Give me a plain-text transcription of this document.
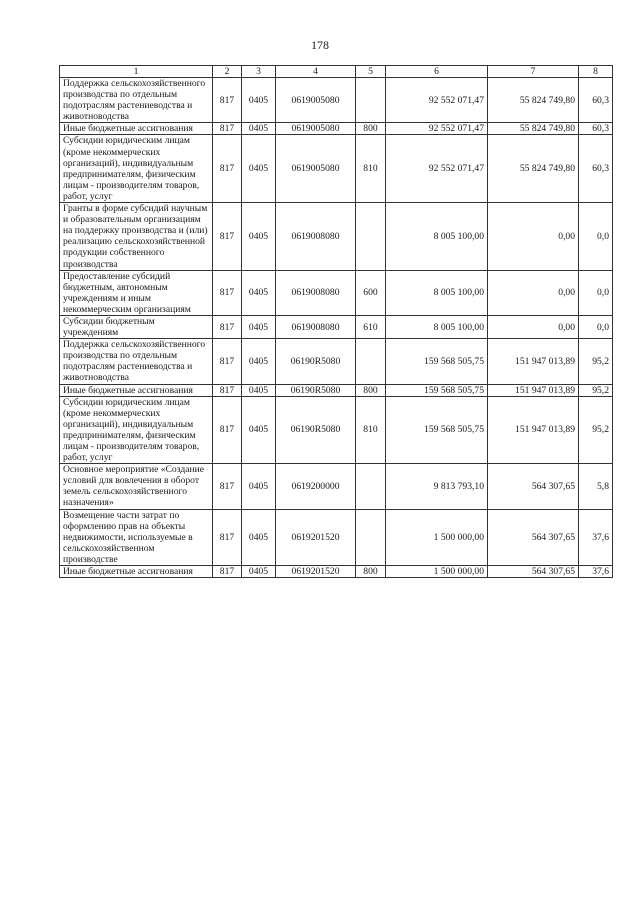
178
1	2	3	4	5	6	7	8
Поддержка сельскохозяйственного производства по отдельным подотраслям растениеводства и животноводства	817	0405	0619005080		92 552 071,47	55 824 749,80	60,3
Иные бюджетные ассигнования	817	0405	0619005080	800	92 552 071,47	55 824 749,80	60,3
Субсидии юридическим лицам (кроме некоммерческих организаций), индивидуальным предпринимателям, физическим лицам - производителям товаров, работ, услуг	817	0405	0619005080	810	92 552 071,47	55 824 749,80	60,3
Гранты в форме субсидий научным и образовательным организациям на поддержку производства и (или) реализацию сельскохозяйственной продукции собственного производства	817	0405	0619008080		8 005 100,00	0,00	0,0
Предоставление субсидий бюджетным, автономным учреждениям и иным некоммерческим организациям	817	0405	0619008080	600	8 005 100,00	0,00	0,0
Субсидии бюджетным учреждениям	817	0405	0619008080	610	8 005 100,00	0,00	0,0
Поддержка сельскохозяйственного производства по отдельным подотраслям растениеводства и животноводства	817	0405	06190R5080		159 568 505,75	151 947 013,89	95,2
Иные бюджетные ассигнования	817	0405	06190R5080	800	159 568 505,75	151 947 013,89	95,2
Субсидии юридическим лицам (кроме некоммерческих организаций), индивидуальным предпринимателям, физическим лицам - производителям товаров, работ, услуг	817	0405	06190R5080	810	159 568 505,75	151 947 013,89	95,2
Основное мероприятие «Создание условий для вовлечения в оборот земель сельскохозяйственного назначения»	817	0405	0619200000		9 813 793,10	564 307,65	5,8
Возмещение части затрат по оформлению прав на объекты недвижимости, используемые в сельскохозяйственном производстве	817	0405	0619201520		1 500 000,00	564 307,65	37,6
Иные бюджетные ассигнования	817	0405	0619201520	800	1 500 000,00	564 307,65	37,6
